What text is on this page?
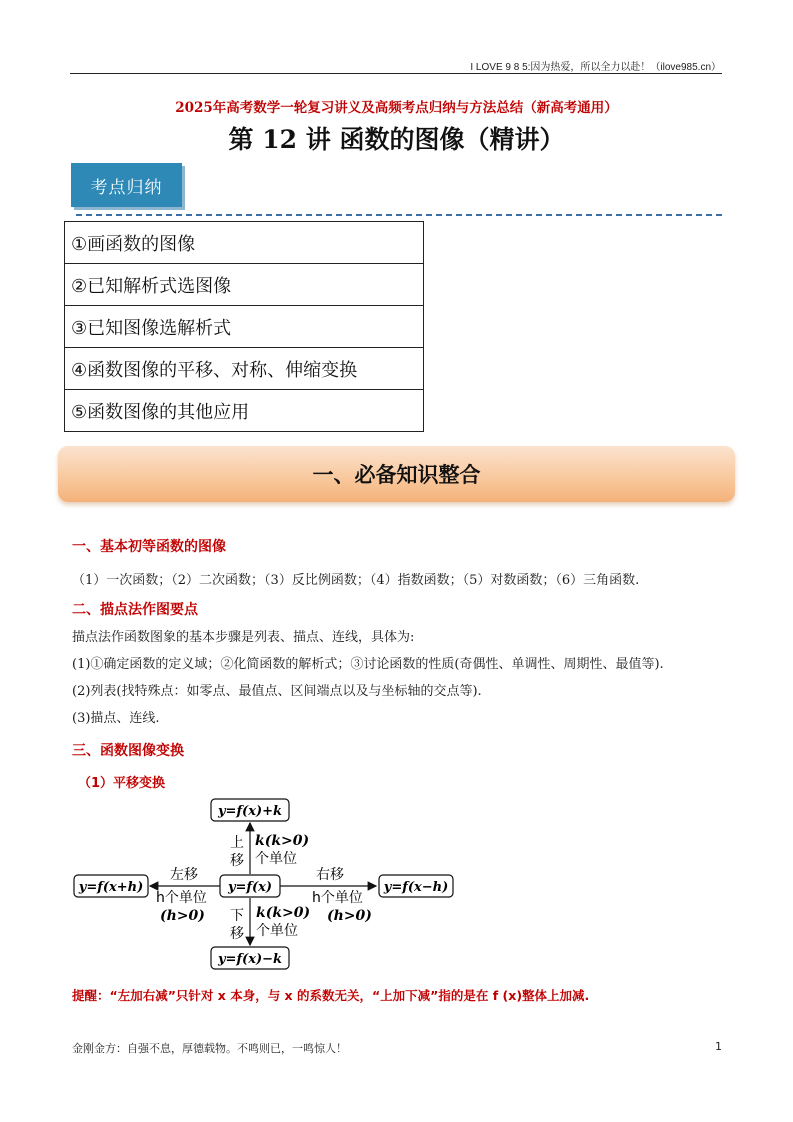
I LOVE 9 8 5:因为热爱，所以全力以赴！（ilove985.cn）
2025年高考数学一轮复习讲义及高频考点归纳与方法总结（新高考通用）
第 12 讲 函数的图像（精讲）
考点归纳
①画函数的图像
②已知解析式选图像
③已知图像选解析式
④函数图像的平移、对称、伸缩变换
⑤函数图像的其他应用
一、必备知识整合
一、基本初等函数的图像
（1）一次函数；（2）二次函数；（3）反比例函数；（4）指数函数；（5）对数函数；（6）三角函数.
二、描点法作图要点
描点法作函数图象的基本步骤是列表、描点、连线，具体为:
(1)①确定函数的定义域；②化简函数的解析式；③讨论函数的性质(奇偶性、单调性、周期性、最值等).
(2)列表(找特殊点：如零点、最值点、区间端点以及与坐标轴的交点等).
(3)描点、连线.
三、函数图像变换
（1）平移变换
y=f(x)+k
y=f(x)
y=f(x)−k
y=f(x+h)	y=f(x−h)
上
移
k(k>0)
个单位
下
移
k(k>0)
个单位
左移
h个单位
(h>0)
右移
h个单位
(h>0)
提醒：“左加右减”只针对 x 本身，与 x 的系数无关，“上加下减”指的是在 f (x)整体上加减.
金刚金方：自强不息，厚德载物。不鸣则已，一鸣惊人！	1
